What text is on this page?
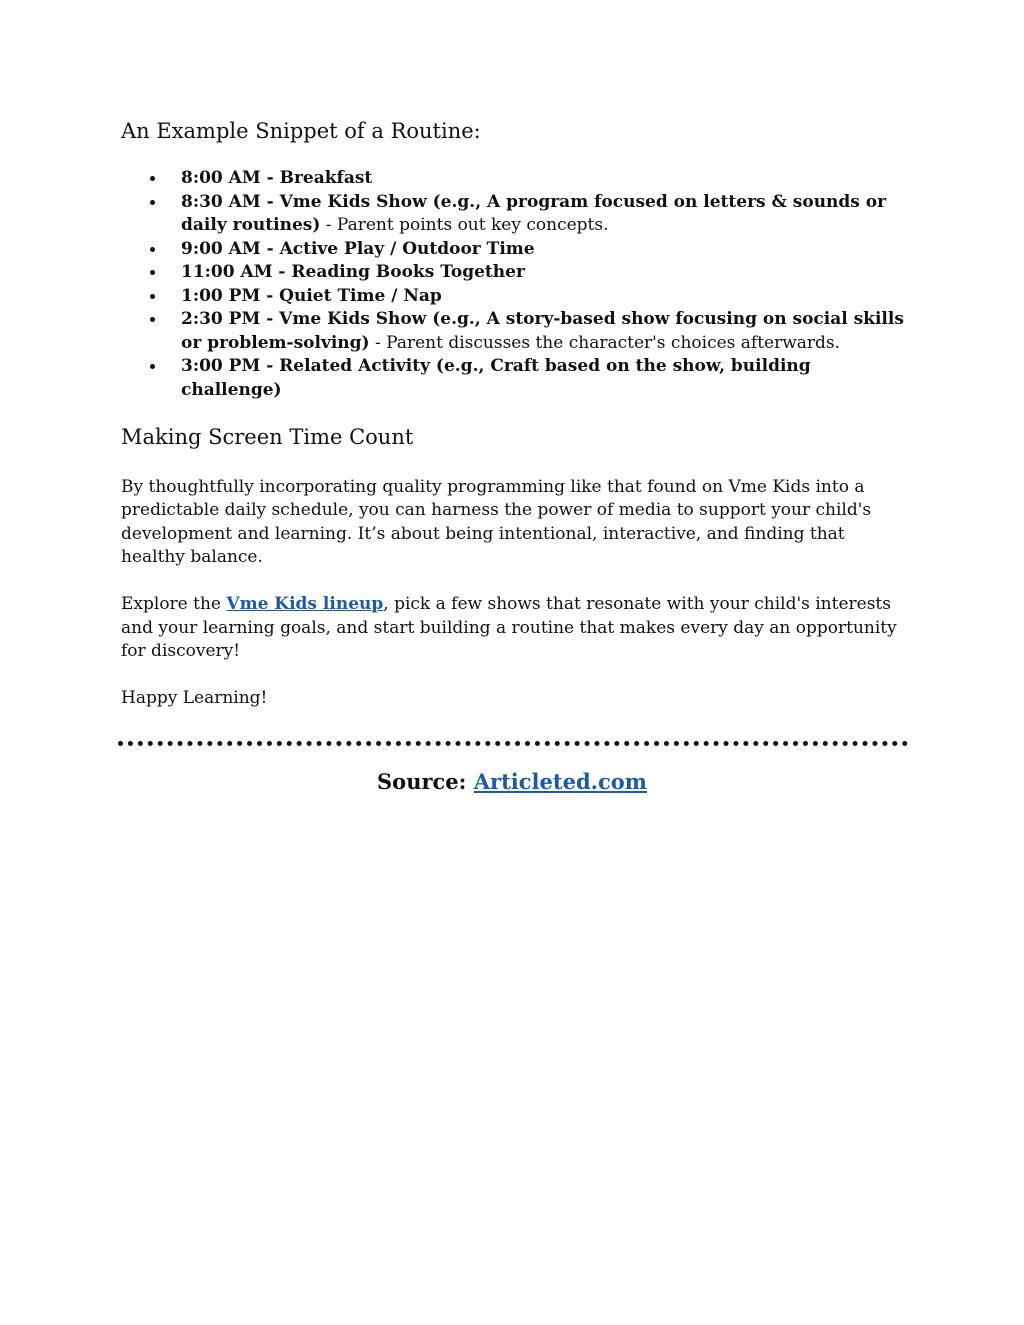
An Example Snippet of a Routine:
8:00 AM - Breakfast
8:30 AM - Vme Kids Show (e.g., A program focused on letters & sounds or daily routines) - Parent points out key concepts.
9:00 AM - Active Play / Outdoor Time
11:00 AM - Reading Books Together
1:00 PM - Quiet Time / Nap
2:30 PM - Vme Kids Show (e.g., A story-based show focusing on social skills or problem-solving) - Parent discusses the character's choices afterwards.
3:00 PM - Related Activity (e.g., Craft based on the show, building challenge)
Making Screen Time Count

By thoughtfully incorporating quality programming like that found on Vme Kids into a predictable daily schedule, you can harness the power of media to support your child's development and learning. It’s about being intentional, interactive, and finding that healthy balance.

Explore the Vme Kids lineup, pick a few shows that resonate with your child's interests and your learning goals, and start building a routine that makes every day an opportunity for discovery!

Happy Learning!

Source: Articleted.com
